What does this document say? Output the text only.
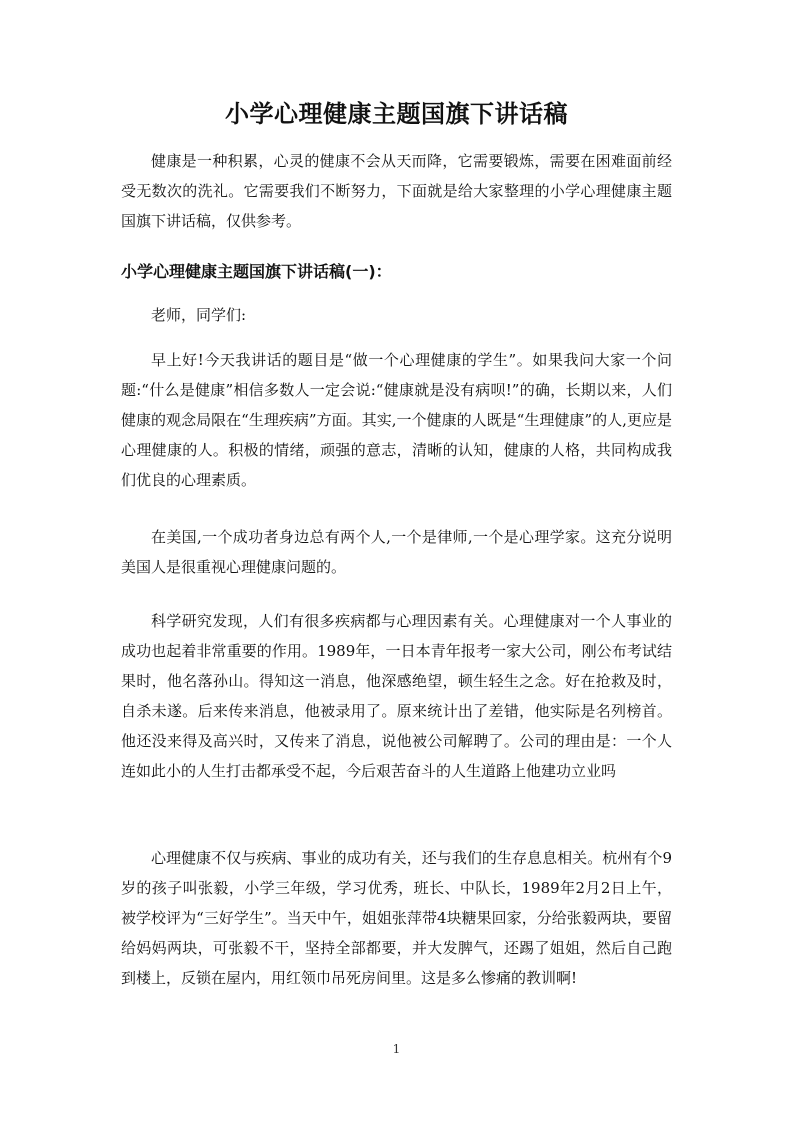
小学心理健康主题国旗下讲话稿

健康是一种积累，心灵的健康不会从天而降，它需要锻炼，需要在困难面前经受无数次的洗礼。它需要我们不断努力，下面就是给大家整理的小学心理健康主题国旗下讲话稿，仅供参考。

小学心理健康主题国旗下讲话稿(一)：

老师，同学们:

早上好!今天我讲话的题目是“做一个心理健康的学生”。如果我问大家一个问题:“什么是健康”相信多数人一定会说:“健康就是没有病呗!”的确，长期以来，人们健康的观念局限在“生理疾病”方面。其实,一个健康的人既是“生理健康”的人,更应是心理健康的人。积极的情绪，顽强的意志，清晰的认知，健康的人格，共同构成我们优良的心理素质。

在美国,一个成功者身边总有两个人,一个是律师,一个是心理学家。这充分说明美国人是很重视心理健康问题的。

科学研究发现，人们有很多疾病都与心理因素有关。心理健康对一个人事业的成功也起着非常重要的作用。1989年，一日本青年报考一家大公司，刚公布考试结果时，他名落孙山。得知这一消息，他深感绝望，顿生轻生之念。好在抢救及时，自杀未遂。后来传来消息，他被录用了。原来统计出了差错，他实际是名列榜首。他还没来得及高兴时，又传来了消息，说他被公司解聘了。公司的理由是：一个人连如此小的人生打击都承受不起，今后艰苦奋斗的人生道路上他建功立业吗

心理健康不仅与疾病、事业的成功有关，还与我们的生存息息相关。杭州有个9岁的孩子叫张毅，小学三年级，学习优秀，班长、中队长，1989年2月2日上午，被学校评为“三好学生”。当天中午，姐姐张萍带4块糖果回家，分给张毅两块，要留给妈妈两块，可张毅不干，坚持全部都要，并大发脾气，还踢了姐姐，然后自己跑到楼上，反锁在屋内，用红领巾吊死房间里。这是多么惨痛的教训啊!

1
